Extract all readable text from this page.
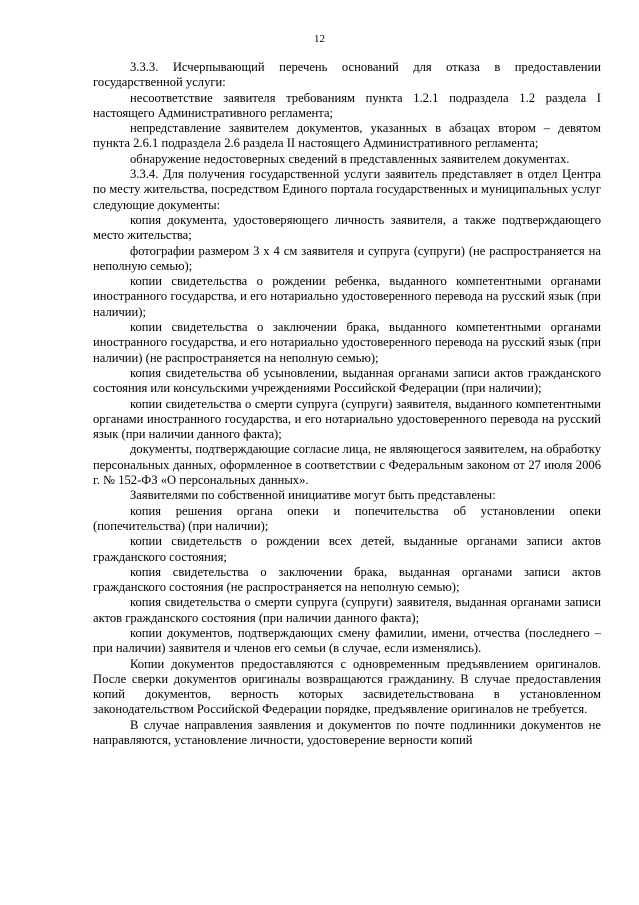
12

3.3.3. Исчерпывающий перечень оснований для отказа в предоставлении государственной услуги:

несоответствие заявителя требованиям пункта 1.2.1 подраздела 1.2 раздела I настоящего Административного регламента;

непредставление заявителем документов, указанных в абзацах втором – девятом пункта 2.6.1 подраздела 2.6 раздела II настоящего Административного регламента;

обнаружение недостоверных сведений в представленных заявителем документах.

3.3.4. Для получения государственной услуги заявитель представляет в отдел Центра по месту жительства, посредством Единого портала государственных и муниципальных услуг следующие документы:

копия документа, удостоверяющего личность заявителя, а также подтверждающего место жительства;

фотографии размером 3 х 4 см заявителя и супруга (супруги) (не распространяется на неполную семью);

копии свидетельства о рождении ребенка, выданного компетентными органами иностранного государства, и его нотариально удостоверенного перевода на русский язык (при наличии);

копии свидетельства о заключении брака, выданного компетентными органами иностранного государства, и его нотариально удостоверенного перевода на русский язык (при наличии) (не распространяется на неполную семью);

копия свидетельства об усыновлении, выданная органами записи актов гражданского состояния или консульскими учреждениями Российской Федерации (при наличии);

копии свидетельства о смерти супруга (супруги) заявителя, выданного компетентными органами иностранного государства, и его нотариально удостоверенного перевода на русский язык (при наличии данного факта);

документы, подтверждающие согласие лица, не являющегося заявителем, на обработку персональных данных, оформленное в соответствии с Федеральным законом от 27 июля 2006 г. № 152-ФЗ «О персональных данных».

Заявителями по собственной инициативе могут быть представлены:

копия решения органа опеки и попечительства об установлении опеки (попечительства) (при наличии);

копии свидетельств о рождении всех детей, выданные органами записи актов гражданского состояния;

копия свидетельства о заключении брака, выданная органами записи актов гражданского состояния (не распространяется на неполную семью);

копия свидетельства о смерти супруга (супруги) заявителя, выданная органами записи актов гражданского состояния (при наличии данного факта);

копии документов, подтверждающих смену фамилии, имени, отчества (последнего – при наличии) заявителя и членов его семьи (в случае, если изменялись).

Копии документов предоставляются с одновременным предъявлением оригиналов. После сверки документов оригиналы возвращаются гражданину. В случае предоставления копий документов, верность которых засвидетельствована в установленном законодательством Российской Федерации порядке, предъявление оригиналов не требуется.

В случае направления заявления и документов по почте подлинники документов не направляются, установление личности, удостоверение верности копий
